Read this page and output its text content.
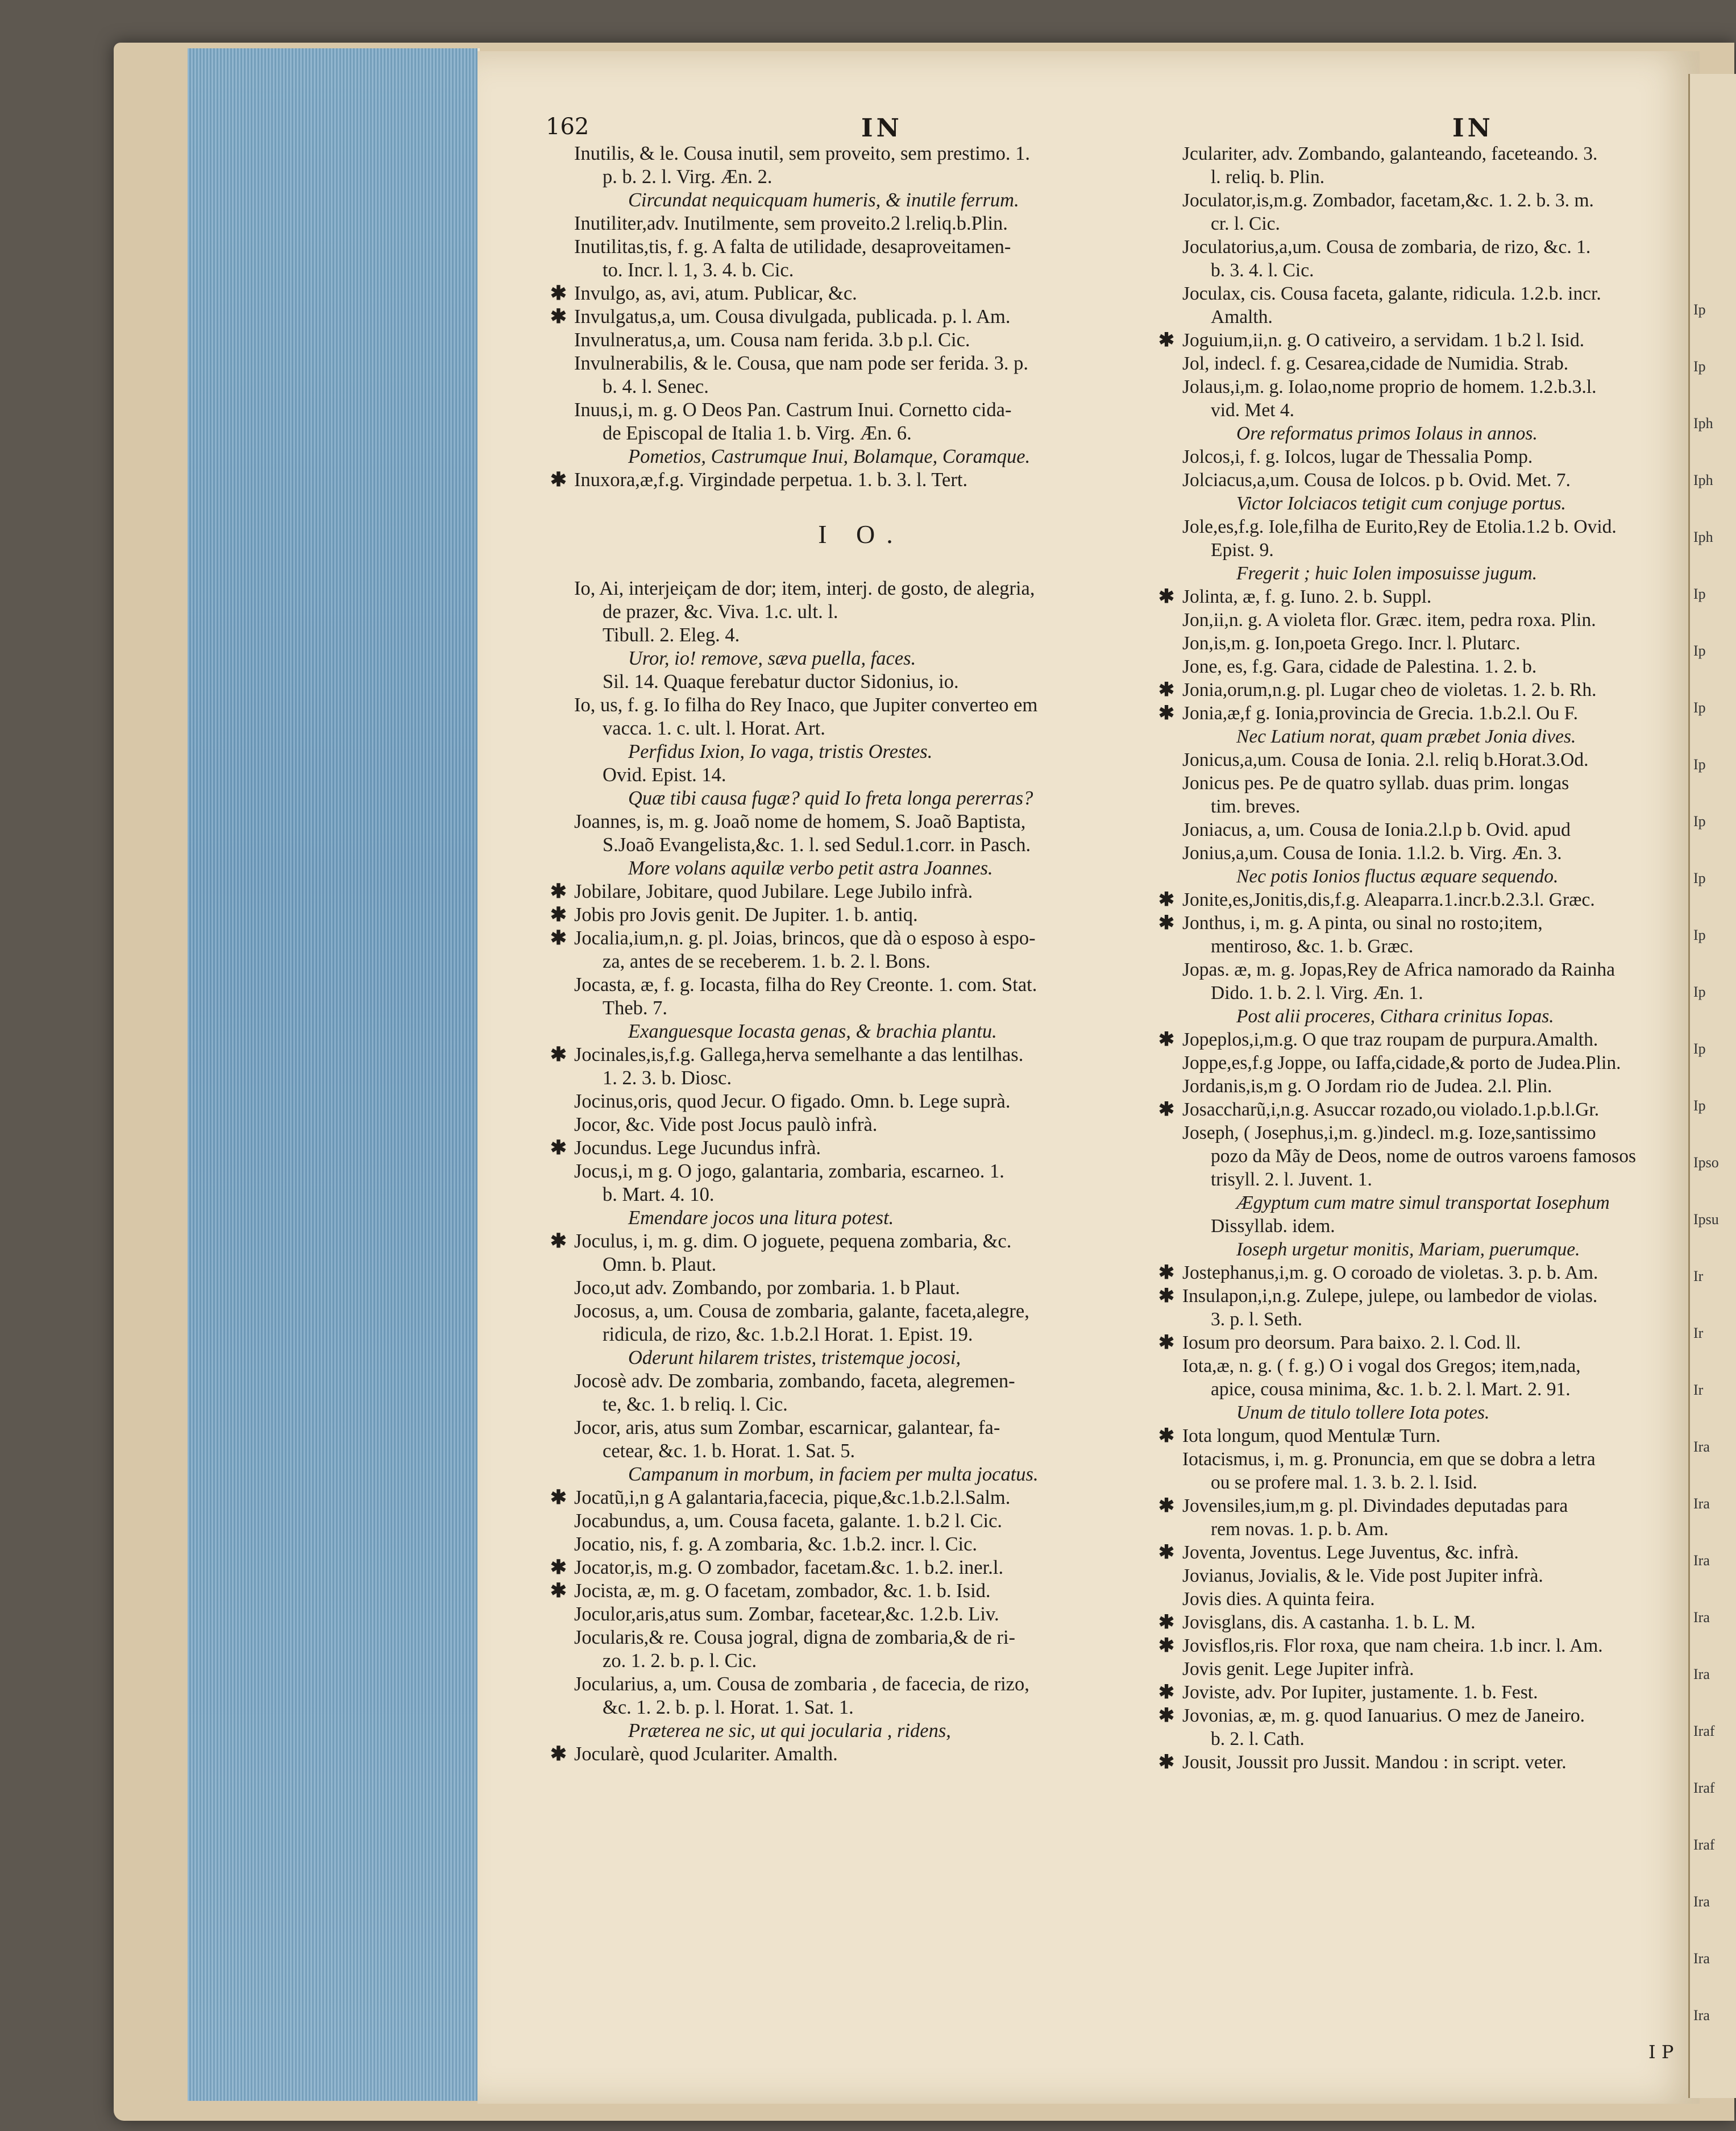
Ip
Ip
Iph
Iph
Iph
Ip
Ip
Ip
Ip
Ip
Ip
Ip
Ip
Ip
Ip
Ipso
Ipsu
Ir
Ir
Ir
Ira
Ira
Ira
Ira
Ira
Iraf
Iraf
Iraf
Ira
Ira
Ira
162	IN	IN
Inutilis, & le. Cousa inutil, sem proveito, sem prestimo. 1.
p. b. 2. l. Virg. Æn. 2.
Circundat nequicquam humeris, & inutile ferrum.
Inutiliter,adv. Inutilmente, sem proveito.2 l.reliq.b.Plin.
Inutilitas,tis, f. g. A falta de utilidade, desaproveitamen-
to. Incr. l. 1, 3. 4. b. Cic.
✱ Invulgo, as, avi, atum. Publicar, &c.
✱ Invulgatus,a, um. Cousa divulgada, publicada. p. l. Am.
Invulneratus,a, um. Cousa nam ferida. 3.b p.l. Cic.
Invulnerabilis, & le. Cousa, que nam pode ser ferida. 3. p.
b. 4. l. Senec.
Inuus,i, m. g. O Deos Pan. Castrum Inui. Cornetto cida-
de Episcopal de Italia 1. b. Virg. Æn. 6.
Pometios, Castrumque Inui, Bolamque, Coramque.
✱ Inuxora,æ,f.g. Virgindade perpetua. 1. b. 3. l. Tert.
I O.
Io, Ai, interjeiçam de dor; item, interj. de gosto, de alegria,
de prazer, &c. Viva. 1.c. ult. l.
Tibull. 2. Eleg. 4.
Uror, io! remove, sæva puella, faces.
Sil. 14. Quaque ferebatur ductor Sidonius, io.
Io, us, f. g. Io filha do Rey Inaco, que Jupiter converteo em
vacca. 1. c. ult. l. Horat. Art.
Perfidus Ixion, Io vaga, tristis Orestes.
Ovid. Epist. 14.
Quæ tibi causa fugæ? quid Io freta longa pererras?
Joannes, is, m. g. Joaõ nome de homem, S. Joaõ Baptista,
S.Joaõ Evangelista,&c. 1. l. sed Sedul.1.corr. in Pasch.
More volans aquilæ verbo petit astra Joannes.
✱ Jobilare, Jobitare, quod Jubilare. Lege Jubilo infrà.
✱ Jobis pro Jovis genit. De Jupiter. 1. b. antiq.
✱ Jocalia,ium,n. g. pl. Joias, brincos, que dà o esposo à espo-
za, antes de se receberem. 1. b. 2. l. Bons.
Jocasta, æ, f. g. Iocasta, filha do Rey Creonte. 1. com. Stat.
Theb. 7.
Exanguesque Iocasta genas, & brachia plantu.
✱ Jocinales,is,f.g. Gallega,herva semelhante a das lentilhas.
1. 2. 3. b. Diosc.
Jocinus,oris, quod Jecur. O figado. Omn. b. Lege suprà.
Jocor, &c. Vide post Jocus paulò infrà.
✱ Jocundus. Lege Jucundus infrà.
Jocus,i, m g. O jogo, galantaria, zombaria, escarneo. 1.
b. Mart. 4. 10.
Emendare jocos una litura potest.
✱ Joculus, i, m. g. dim. O joguete, pequena zombaria, &c.
Omn. b. Plaut.
Joco,ut adv. Zombando, por zombaria. 1. b Plaut.
Jocosus, a, um. Cousa de zombaria, galante, faceta,alegre,
ridicula, de rizo, &c. 1.b.2.l Horat. 1. Epist. 19.
Oderunt hilarem tristes, tristemque jocosi,
Jocosè adv. De zombaria, zombando, faceta, alegremen-
te, &c. 1. b reliq. l. Cic.
Jocor, aris, atus sum Zombar, escarnicar, galantear, fa-
cetear, &c. 1. b. Horat. 1. Sat. 5.
Campanum in morbum, in faciem per multa jocatus.
✱ Jocatũ,i,n g A galantaria,facecia, pique,&c.1.b.2.l.Salm.
Jocabundus, a, um. Cousa faceta, galante. 1. b.2 l. Cic.
Jocatio, nis, f. g. A zombaria, &c. 1.b.2. incr. l. Cic.
✱ Jocator,is, m.g. O zombador, facetam.&c. 1. b.2. iner.l.
✱ Jocista, æ, m. g. O facetam, zombador, &c. 1. b. Isid.
Joculor,aris,atus sum. Zombar, facetear,&c. 1.2.b. Liv.
Jocularis,& re. Cousa jogral, digna de zombaria,& de ri-
zo. 1. 2. b. p. l. Cic.
Jocularius, a, um. Cousa de zombaria , de facecia, de rizo,
&c. 1. 2. b. p. l. Horat. 1. Sat. 1.
Præterea ne sic, ut qui jocularia , ridens,
✱ Jocularè, quod Jculariter. Amalth.
Jculariter, adv. Zombando, galanteando, faceteando. 3.
l. reliq. b. Plin.
Joculator,is,m.g. Zombador, facetam,&c. 1. 2. b. 3. m.
cr. l. Cic.
Joculatorius,a,um. Cousa de zombaria, de rizo, &c. 1.
b. 3. 4. l. Cic.
Joculax, cis. Cousa faceta, galante, ridicula. 1.2.b. incr.
Amalth.
✱ Joguium,ii,n. g. O cativeiro, a servidam. 1 b.2 l. Isid.
Jol, indecl. f. g. Cesarea,cidade de Numidia. Strab.
Jolaus,i,m. g. Iolao,nome proprio de homem. 1.2.b.3.l.
vid. Met 4.
Ore reformatus primos Iolaus in annos.
Jolcos,i, f. g. Iolcos, lugar de Thessalia Pomp.
Jolciacus,a,um. Cousa de Iolcos. p b. Ovid. Met. 7.
Victor Iolciacos tetigit cum conjuge portus.
Jole,es,f.g. Iole,filha de Eurito,Rey de Etolia.1.2 b. Ovid.
Epist. 9.
Fregerit ; huic Iolen imposuisse jugum.
✱ Jolinta, æ, f. g. Iuno. 2. b. Suppl.
Jon,ii,n. g. A violeta flor. Græc. item, pedra roxa. Plin.
Jon,is,m. g. Ion,poeta Grego. Incr. l. Plutarc.
Jone, es, f.g. Gara, cidade de Palestina. 1. 2. b.
✱ Jonia,orum,n.g. pl. Lugar cheo de violetas. 1. 2. b. Rh.
✱ Jonia,æ,f g. Ionia,provincia de Grecia. 1.b.2.l. Ou F.
Nec Latium norat, quam præbet Jonia dives.
Jonicus,a,um. Cousa de Ionia. 2.l. reliq b.Horat.3.Od.
Jonicus pes. Pe de quatro syllab. duas prim. longas
tim. breves.
Joniacus, a, um. Cousa de Ionia.2.l.p b. Ovid. apud
Jonius,a,um. Cousa de Ionia. 1.l.2. b. Virg. Æn. 3.
Nec potis Ionios fluctus æquare sequendo.
✱ Jonite,es,Jonitis,dis,f.g. Aleaparra.1.incr.b.2.3.l. Græc.
✱ Jonthus, i, m. g. A pinta, ou sinal no rosto;item,
mentiroso, &c. 1. b. Græc.
Jopas. æ, m. g. Jopas,Rey de Africa namorado da Rainha
Dido. 1. b. 2. l. Virg. Æn. 1.
Post alii proceres, Cithara crinitus Iopas.
✱ Jopeplos,i,m.g. O que traz roupam de purpura.Amalth.
Joppe,es,f.g Joppe, ou Iaffa,cidade,& porto de Judea.Plin.
Jordanis,is,m g. O Jordam rio de Judea. 2.l. Plin.
✱ Josaccharũ,i,n.g. Asuccar rozado,ou violado.1.p.b.l.Gr.
Joseph, ( Josephus,i,m. g.)indecl. m.g. Ioze,santissimo
pozo da Mãy de Deos, nome de outros varoens famosos
trisyll. 2. l. Juvent. 1.
Ægyptum cum matre simul transportat Iosephum
Dissyllab. idem.
Ioseph urgetur monitis, Mariam, puerumque.
✱ Jostephanus,i,m. g. O coroado de violetas. 3. p. b. Am.
✱ Insulapon,i,n.g. Zulepe, julepe, ou lambedor de violas.
3. p. l. Seth.
✱ Iosum pro deorsum. Para baixo. 2. l. Cod. ll.
Iota,æ, n. g. ( f. g.) O i vogal dos Gregos; item,nada,
apice, cousa minima, &c. 1. b. 2. l. Mart. 2. 91.
Unum de titulo tollere Iota potes.
✱ Iota longum, quod Mentulæ Turn.
Iotacismus, i, m. g. Pronuncia, em que se dobra a letra
ou se profere mal. 1. 3. b. 2. l. Isid.
✱ Jovensiles,ium,m g. pl. Divindades deputadas para
rem novas. 1. p. b. Am.
✱ Joventa, Joventus. Lege Juventus, &c. infrà.
Jovianus, Jovialis, & le. Vide post Jupiter infrà.
Jovis dies. A quinta feira.
✱ Jovisglans, dis. A castanha. 1. b. L. M.
✱ Jovisflos,ris. Flor roxa, que nam cheira. 1.b incr. l. Am.
Jovis genit. Lege Jupiter infrà.
✱ Joviste, adv. Por Iupiter, justamente. 1. b. Fest.
✱ Jovonias, æ, m. g. quod Ianuarius. O mez de Janeiro.
b. 2. l. Cath.
✱ Jousit, Joussit pro Jussit. Mandou : in script. veter.
I P
